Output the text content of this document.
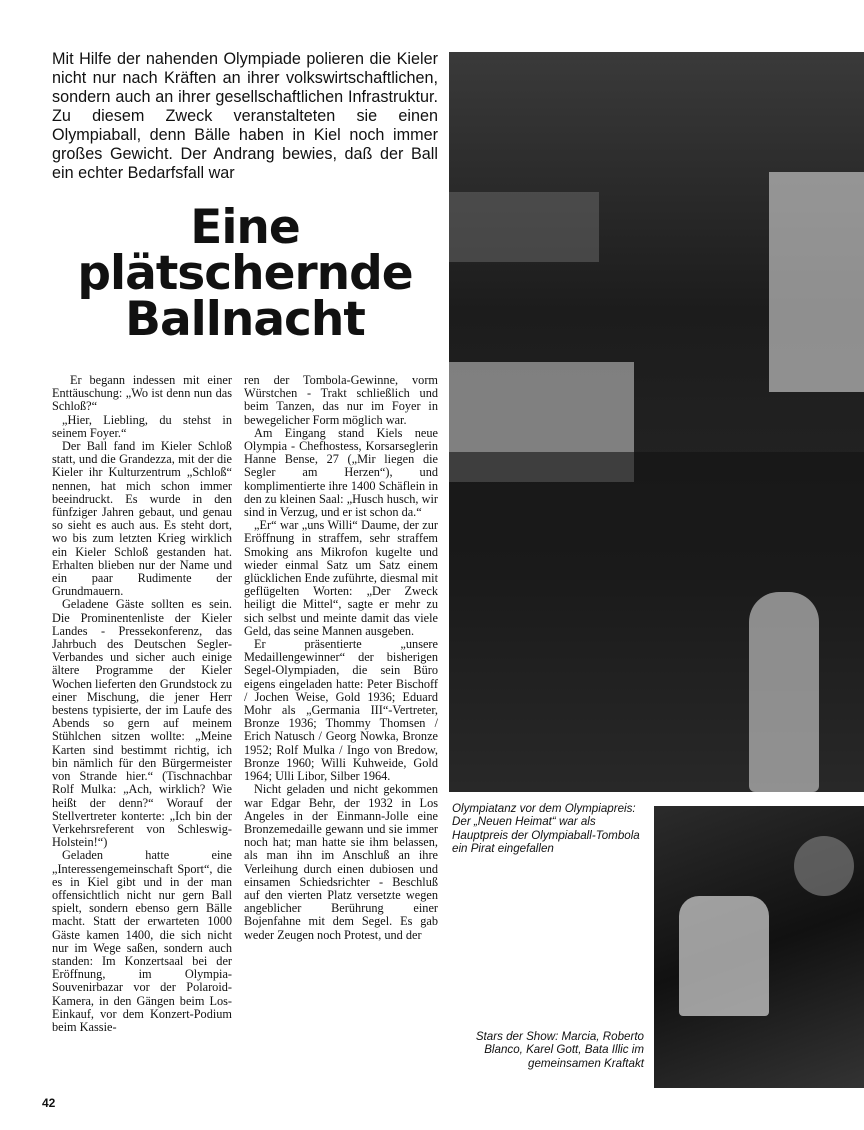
Mit Hilfe der nahenden Olympiade polieren die Kieler nicht nur nach Kräften an ihrer volkswirtschaftlichen, sondern auch an ihrer gesellschaftlichen Infrastruktur. Zu diesem Zweck veranstalteten sie einen Olympiaball, denn Bälle haben in Kiel noch immer großes Gewicht. Der Andrang bewies, daß der Ball ein echter Bedarfsfall war

Eine
plätschernde
Ballnacht

Er begann indessen mit einer Enttäuschung: „Wo ist denn nun das Schloß?“

„Hier, Liebling, du stehst in seinem Foyer.“

Der Ball fand im Kieler Schloß statt, und die Grandezza, mit der die Kieler ihr Kulturzentrum „Schloß“ nennen, hat mich schon immer beeindruckt. Es wurde in den fünfziger Jahren gebaut, und genau so sieht es auch aus. Es steht dort, wo bis zum letzten Krieg wirklich ein Kieler Schloß gestanden hat. Erhalten blieben nur der Name und ein paar Rudimente der Grundmauern.

Geladene Gäste sollten es sein. Die Prominentenliste der Kieler Landes - Pressekonferenz, das Jahrbuch des Deutschen Segler-Verbandes und sicher auch einige ältere Programme der Kieler Wochen lieferten den Grundstock zu einer Mischung, die jener Herr bestens typisierte, der im Laufe des Abends so gern auf meinem Stühlchen sitzen wollte: „Meine Karten sind bestimmt richtig, ich bin nämlich für den Bürgermeister von Strande hier.“ (Tischnachbar Rolf Mulka: „Ach, wirklich? Wie heißt der denn?“ Worauf der Stellvertreter konterte: „Ich bin der Verkehrsreferent von Schleswig-Holstein!“)

Geladen hatte eine „Interessengemeinschaft Sport“, die es in Kiel gibt und in der man offensichtlich nicht nur gern Ball spielt, sondern ebenso gern Bälle macht. Statt der erwarteten 1000 Gäste kamen 1400, die sich nicht nur im Wege saßen, sondern auch standen: Im Konzertsaal bei der Eröffnung, im Olympia-Souvenirbazar vor der Polaroid-Kamera, in den Gängen beim Los-Einkauf, vor dem Konzert-Podium beim Kassie-

ren der Tombola-Gewinne, vorm Würstchen - Trakt schließlich und beim Tanzen, das nur im Foyer in bewegelicher Form möglich war.

Am Eingang stand Kiels neue Olympia - Chefhostess, Korsarseglerin Hanne Bense, 27 („Mir liegen die Segler am Herzen“), und komplimentierte ihre 1400 Schäflein in den zu kleinen Saal: „Husch husch, wir sind in Verzug, und er ist schon da.“

„Er“ war „uns Willi“ Daume, der zur Eröffnung in straffem, sehr straffem Smoking ans Mikrofon kugelte und wieder einmal Satz um Satz einem glücklichen Ende zuführte, diesmal mit geflügelten Worten: „Der Zweck heiligt die Mittel“, sagte er mehr zu sich selbst und meinte damit das viele Geld, das seine Mannen ausgeben.

Er präsentierte „unsere Medaillengewinner“ der bisherigen Segel-Olympiaden, die sein Büro eigens eingeladen hatte: Peter Bischoff / Jochen Weise, Gold 1936; Eduard Mohr als „Germania III“-Vertreter, Bronze 1936; Thommy Thomsen / Erich Natusch / Georg Nowka, Bronze 1952; Rolf Mulka / Ingo von Bredow, Bronze 1960; Willi Kuhweide, Gold 1964; Ulli Libor, Silber 1964.

Nicht geladen und nicht gekommen war Edgar Behr, der 1932 in Los Angeles in der Einmann-Jolle eine Bronzemedaille gewann und sie immer noch hat; man hatte sie ihm belassen, als man ihn im Anschluß an ihre Verleihung durch einen dubiosen und einsamen Schiedsrichter - Beschluß auf den vierten Platz versetzte wegen angeblicher Berührung einer Bojenfahne mit dem Segel. Es gab weder Zeugen noch Protest, und der

Olympiatanz vor dem Olympiapreis: Der „Neuen Heimat“ war als Hauptpreis der Olympiaball-Tombola ein Pirat eingefallen

Stars der Show: Marcia, Roberto Blanco, Karel Gott, Bata Illic im gemeinsamen Kraftakt

42
